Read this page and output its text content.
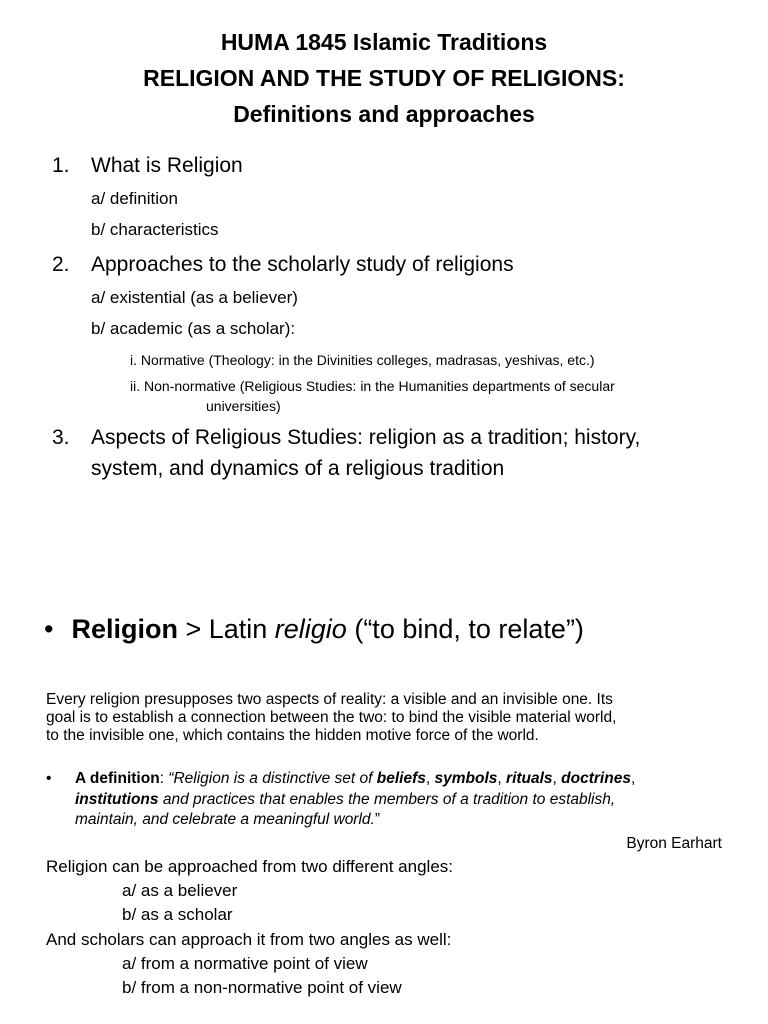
HUMA 1845 Islamic Traditions
RELIGION AND THE STUDY OF RELIGIONS:
Definitions and approaches
1. What is Religion
a/ definition
b/ characteristics
2. Approaches to the scholarly study of religions
a/ existential (as a believer)
b/ academic (as a scholar):
i. Normative (Theology: in the Divinities colleges, madrasas, yeshivas, etc.)
ii. Non-normative (Religious Studies: in the Humanities departments of secular
universities)
3. Aspects of Religious Studies: religion as a tradition; history,
system, and dynamics of a religious tradition
• Religion > Latin religio (“to bind, to relate”)
Every religion presupposes two aspects of reality: a visible and an invisible one. Its
goal is to establish a connection between the two: to bind the visible material world,
to the invisible one, which contains the hidden motive force of the world.
• A definition: “Religion is a distinctive set of beliefs, symbols, rituals, doctrines,
institutions and practices that enables the members of a tradition to establish,
maintain, and celebrate a meaningful world.”
Byron Earhart
Religion can be approached from two different angles:
a/ as a believer
b/ as a scholar
And scholars can approach it from two angles as well:
a/ from a normative point of view
b/ from a non-normative point of view
